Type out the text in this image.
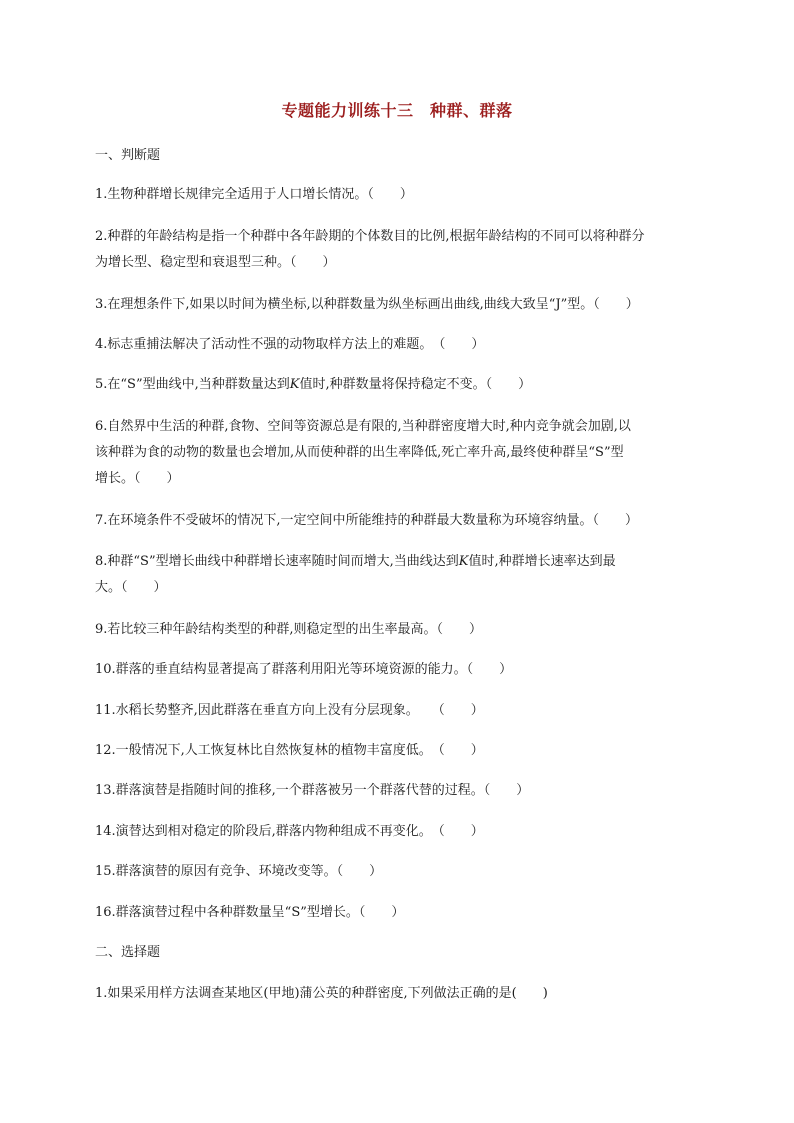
专题能力训练十三　种群、群落
一、判断题
1.生物种群增长规律完全适用于人口增长情况。（　　）
2.种群的年龄结构是指一个种群中各年龄期的个体数目的比例,根据年龄结构的不同可以将种群分
为增长型、稳定型和衰退型三种。（　　）
3.在理想条件下,如果以时间为横坐标,以种群数量为纵坐标画出曲线,曲线大致呈“J”型。（　　）
4.标志重捕法解决了活动性不强的动物取样方法上的难题。　（　　）
5.在“S”型曲线中,当种群数量达到K值时,种群数量将保持稳定不变。（　　）
6.自然界中生活的种群,食物、空间等资源总是有限的,当种群密度增大时,种内竞争就会加剧,以
该种群为食的动物的数量也会增加,从而使种群的出生率降低,死亡率升高,最终使种群呈“S”型
增长。（　　）
7.在环境条件不受破坏的情况下,一定空间中所能维持的种群最大数量称为环境容纳量。（　　）
8.种群“S”型增长曲线中种群增长速率随时间而增大,当曲线达到K值时,种群增长速率达到最
大。（　　）
9.若比较三种年龄结构类型的种群,则稳定型的出生率最高。（　　）
10.群落的垂直结构显著提高了群落利用阳光等环境资源的能力。（　　）
11.水稻长势整齐,因此群落在垂直方向上没有分层现象。　　（　　）
12.一般情况下,人工恢复林比自然恢复林的植物丰富度低。　（　　）
13.群落演替是指随时间的推移,一个群落被另一个群落代替的过程。（　　）
14.演替达到相对稳定的阶段后,群落内物种组成不再变化。　（　　）
15.群落演替的原因有竞争、环境改变等。（　　）
16.群落演替过程中各种群数量呈“S”型增长。（　　）
二、选择题
1.如果采用样方法调查某地区(甲地)蒲公英的种群密度,下列做法正确的是(　　)
